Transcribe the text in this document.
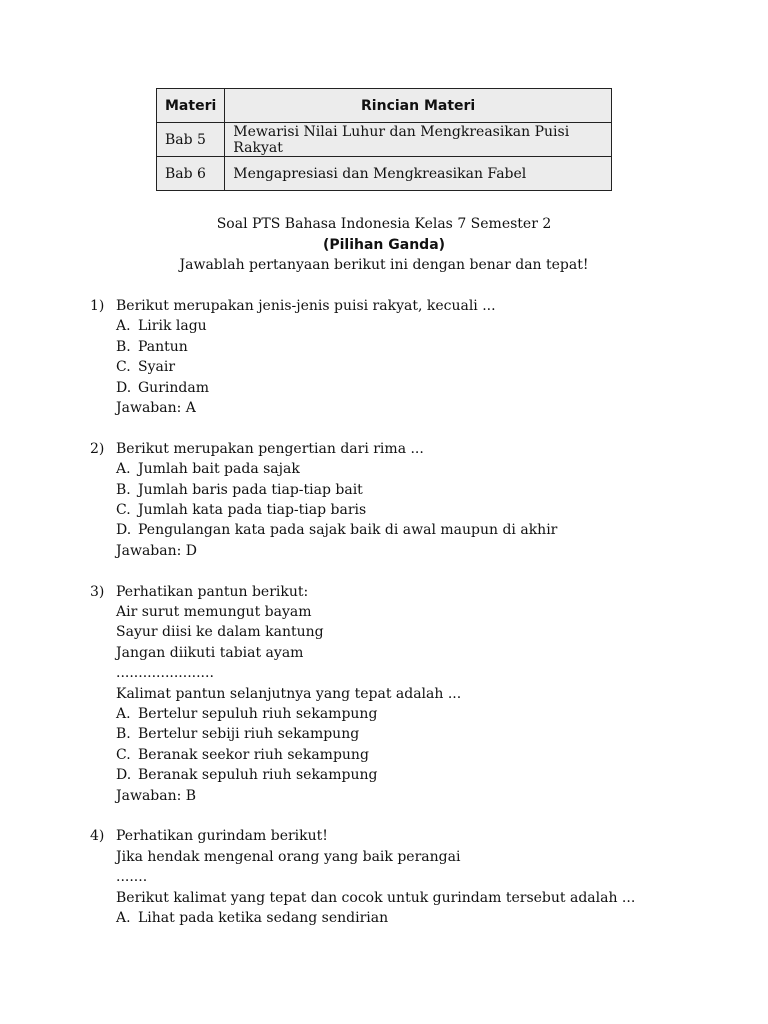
Materi	Rincian Materi
Bab 5	Mewarisi Nilai Luhur dan Mengkreasikan Puisi Rakyat
Bab 6	Mengapresiasi dan Mengkreasikan Fabel
Soal PTS Bahasa Indonesia Kelas 7 Semester 2
(Pilihan Ganda)
Jawablah pertanyaan berikut ini dengan benar dan tepat!
1) Berikut merupakan jenis-jenis puisi rakyat, kecuali ...
A. Lirik lagu
B. Pantun
C. Syair
D. Gurindam
Jawaban: A
2) Berikut merupakan pengertian dari rima ...
A. Jumlah bait pada sajak
B. Jumlah baris pada tiap-tiap bait
C. Jumlah kata pada tiap-tiap baris
D. Pengulangan kata pada sajak baik di awal maupun di akhir
Jawaban: D
3) Perhatikan pantun berikut:
Air surut memungut bayam
Sayur diisi ke dalam kantung
Jangan diikuti tabiat ayam
......................
Kalimat pantun selanjutnya yang tepat adalah ...
A. Bertelur sepuluh riuh sekampung
B. Bertelur sebiji riuh sekampung
C. Beranak seekor riuh sekampung
D. Beranak sepuluh riuh sekampung
Jawaban: B
4) Perhatikan gurindam berikut!
Jika hendak mengenal orang yang baik perangai
.......
Berikut kalimat yang tepat dan cocok untuk gurindam tersebut adalah ...
A. Lihat pada ketika sedang sendirian
